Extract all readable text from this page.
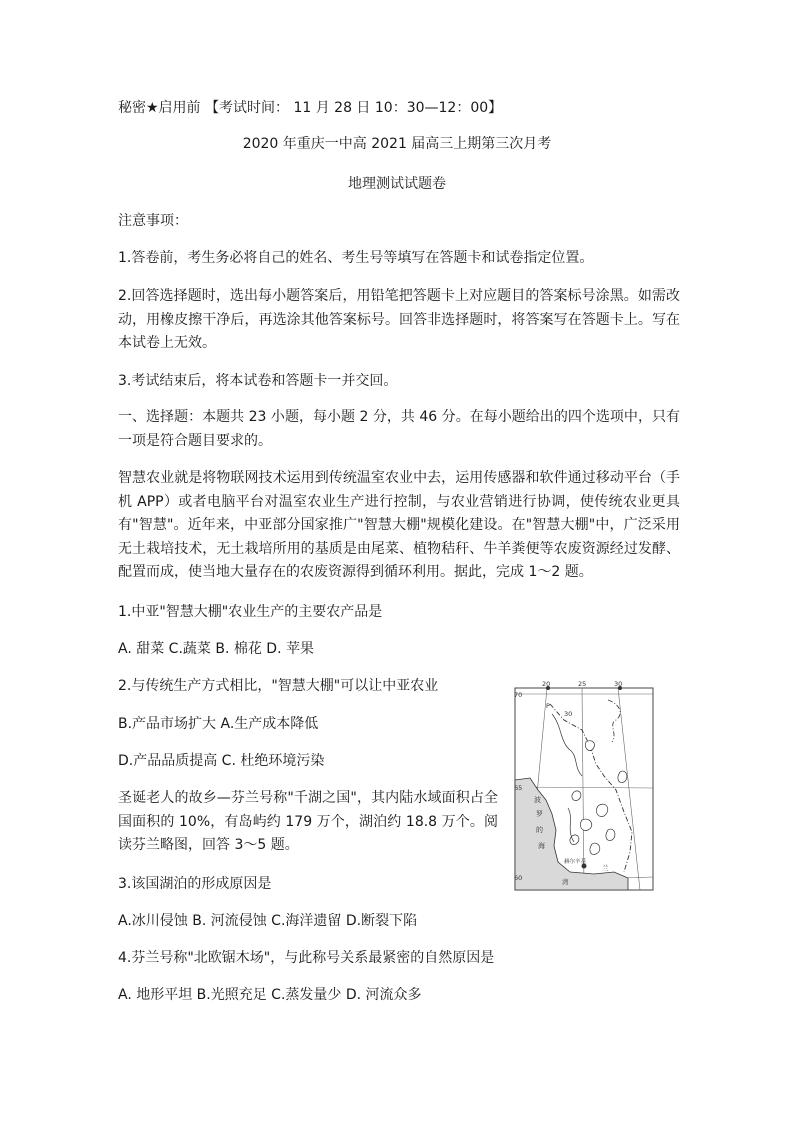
秘密★启用前 【考试时间： 11 月 28 日 10：30—12：00】
2020 年重庆一中高 2021 届高三上期第三次月考
地理测试试题卷
注意事项：
1.答卷前，考生务必将自己的姓名、考生号等填写在答题卡和试卷指定位置。
2.回答选择题时，选出每小题答案后，用铅笔把答题卡上对应题目的答案标号涂黑。如需改动，用橡皮擦干净后，再选涂其他答案标号。回答非选择题时，将答案写在答题卡上。写在本试卷上无效。
3.考试结束后，将本试卷和答题卡一并交回。
一、选择题：本题共 23 小题，每小题 2 分，共 46 分。在每小题给出的四个选项中，只有一项是符合题目要求的。
智慧农业就是将物联网技术运用到传统温室农业中去，运用传感器和软件通过移动平台（手机 APP）或者电脑平台对温室农业生产进行控制，与农业营销进行协调，使传统农业更具有"智慧"。近年来，中亚部分国家推广"智慧大棚"规模化建设。在"智慧大棚"中，广泛采用无土栽培技术，无土栽培所用的基质是由尾菜、植物秸秆、牛羊粪便等农废资源经过发酵、配置而成，使当地大量存在的农废资源得到循环利用。据此，完成 1～2 题。
1.中亚"智慧大棚"农业生产的主要农产品是
A. 甜菜 C.蔬菜 B. 棉花 D. 苹果
2.与传统生产方式相比，"智慧大棚"可以让中亚农业
B.产品市场扩大 A.生产成本降低
D.产品品质提高 C. 杜绝环境污染
圣诞老人的故乡—芬兰号称"千湖之国"，其内陆水域面积占全国面积的 10%，有岛屿约 179 万个，湖泊约 18.8 万个。阅读芬兰略图，回答 3～5 题。
3.该国湖泊的形成原因是
A.冰川侵蚀 B. 河流侵蚀 C.海洋遗留 D.断裂下陷
4.芬兰号称"北欧锯木场"，与此称号关系最紧密的自然原因是
A. 地形平坦 B.光照充足 C.蒸发量少 D. 河流众多
70
65
60
20	25	30
30
P
波
罗
的
海
赫尔辛基
兰
湾
